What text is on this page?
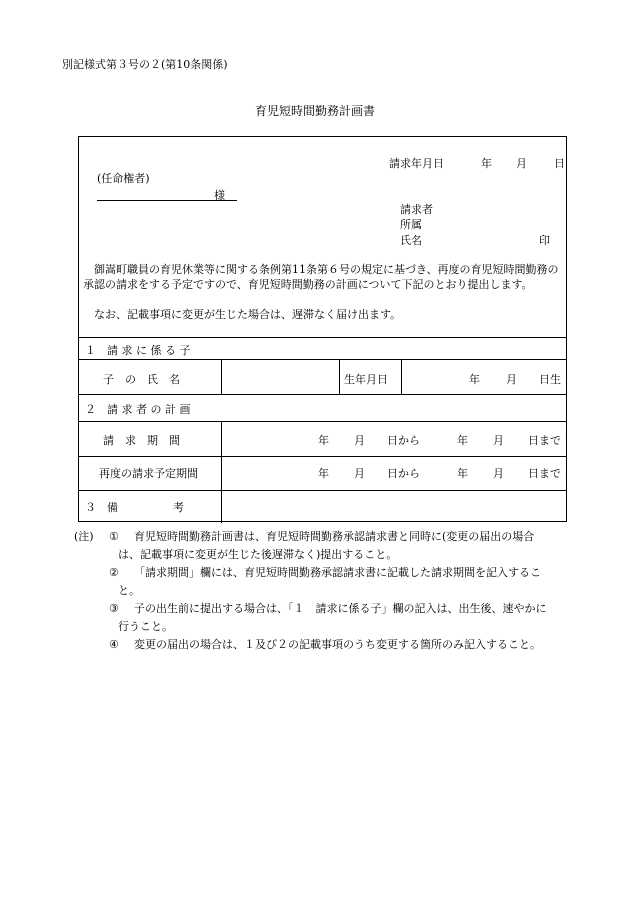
別記様式第３号の２(第10条関係)
育児短時間勤務計画書
請求年月日	年 月 日
(任命権者)
様
請求者
所属
氏名	印
　御嵩町職員の育児休業等に関する条例第11条第６号の規定に基づき、再度の育児短時間勤務の承認の請求をする予定ですので、育児短時間勤務の計画について下記のとおり提出します。
　なお、記載事項に変更が生じた場合は、遅滞なく届け出ます。
１　請 求 に 係 る 子
子　の　氏　名	生年月日	年 月 日生
２　請 求 者 の 計 画
請　求　期　間	年 月 日から	年 月 日まで
再度の請求予定期間	年 月 日から	年 月 日まで
３　備　　　　　考
(注) ① 育児短時間勤務計画書は、育児短時間勤務承認請求書と同時に(変更の届出の場合
は、記載事項に変更が生じた後遅滞なく)提出すること。
② 「請求期間」欄には、育児短時間勤務承認請求書に記載した請求期間を記入するこ
と。
③ 子の出生前に提出する場合は、「１　請求に係る子」欄の記入は、出生後、速やかに
行うこと。
④ 変更の届出の場合は、１及び２の記載事項のうち変更する箇所のみ記入すること。
